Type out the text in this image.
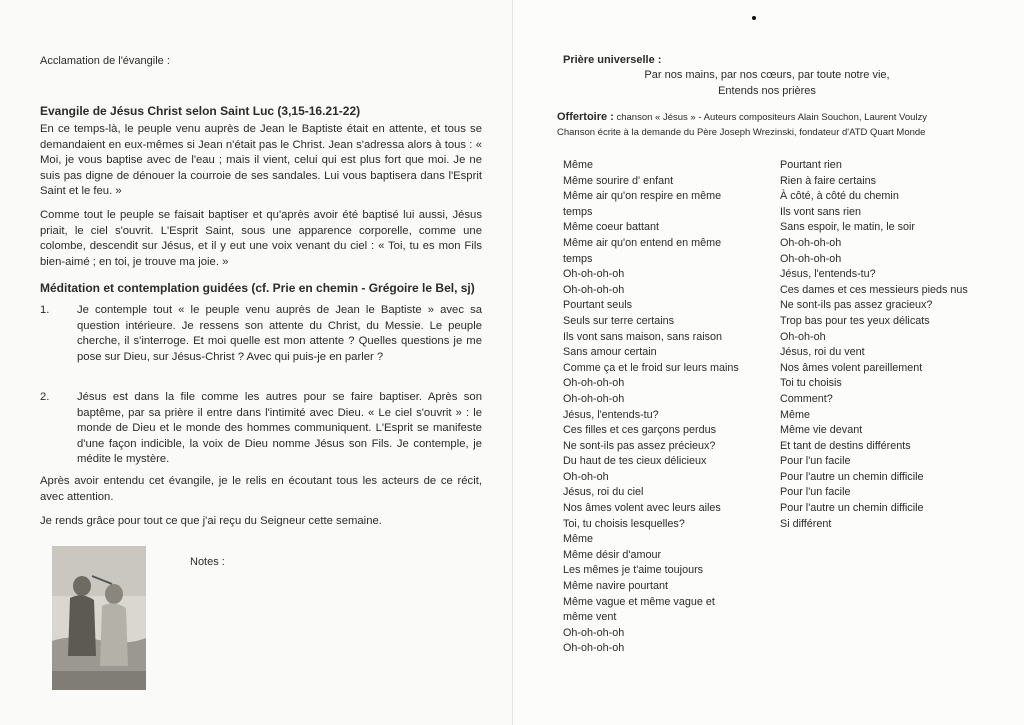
Acclamation de l'évangile :

Evangile de Jésus Christ selon Saint Luc (3,15-16.21-22)

En ce temps-là, le peuple venu auprès de Jean le Baptiste était en attente, et tous se demandaient en eux-mêmes si Jean n'était pas le Christ. Jean s'adressa alors à tous : « Moi, je vous baptise avec de l'eau ; mais il vient, celui qui est plus fort que moi. Je ne suis pas digne de dénouer la courroie de ses sandales. Lui vous baptisera dans l'Esprit Saint et le feu. »

Comme tout le peuple se faisait baptiser et qu'après avoir été baptisé lui aussi, Jésus priait, le ciel s'ouvrit. L'Esprit Saint, sous une apparence corporelle, comme une colombe, descendit sur Jésus, et il y eut une voix venant du ciel : « Toi, tu es mon Fils bien-aimé ; en toi, je trouve ma joie. »

Méditation et contemplation guidées (cf. Prie en chemin - Grégoire le Bel, sj)

1. Je contemple tout « le peuple venu auprès de Jean le Baptiste » avec sa question intérieure. Je ressens son attente du Christ, du Messie. Le peuple cherche, il s'interroge. Et moi quelle est mon attente ? Quelles questions je me pose sur Dieu, sur Jésus-Christ ? Avec qui puis-je en parler ?
2. Jésus est dans la file comme les autres pour se faire baptiser. Après son baptême, par sa prière il entre dans l'intimité avec Dieu. « Le ciel s'ouvrit » : le monde de Dieu et le monde des hommes communiquent. L'Esprit se manifeste d'une façon indicible, la voix de Dieu nomme Jésus son Fils. Je contemple, je médite le mystère.

Après avoir entendu cet évangile, je le relis en écoutant tous les acteurs de ce récit, avec attention.

Je rends grâce pour tout ce que j'ai reçu du Seigneur cette semaine.

Notes :

Prière universelle :

Par nos mains, par nos cœurs, par toute notre vie,
Entends nos prières
Offertoire : chanson « Jésus » - Auteurs compositeurs Alain Souchon, Laurent Voulzy
Chanson écrite à la demande du Père Joseph Wrezinski, fondateur d'ATD Quart Monde
Même
Même sourire d' enfant
Même air qu'on respire en même
temps
Même coeur battant
Même air qu'on entend en même
temps
Oh-oh-oh-oh
Oh-oh-oh-oh
Pourtant seuls
Seuls sur terre certains
Ils vont sans maison, sans raison
Sans amour certain
Comme ça et le froid sur leurs mains
Oh-oh-oh-oh
Oh-oh-oh-oh
Jésus, l'entends-tu?
Ces filles et ces garçons perdus
Ne sont-ils pas assez précieux?
Du haut de tes cieux délicieux
Oh-oh-oh
Jésus, roi du ciel
Nos âmes volent avec leurs ailes
Toi, tu choisis lesquelles?
Même
Même désir d'amour
Les mêmes je t'aime toujours
Même navire pourtant
Même vague et même vague et
même vent
Oh-oh-oh-oh
Oh-oh-oh-oh
Pourtant rien
Rien à faire certains
À côté, à côté du chemin
Ils vont sans rien
Sans espoir, le matin, le soir
Oh-oh-oh-oh
Oh-oh-oh-oh
Jésus, l'entends-tu?
Ces dames et ces messieurs pieds nus
Ne sont-ils pas assez gracieux?
Trop bas pour tes yeux délicats
Oh-oh-oh
Jésus, roi du vent
Nos âmes volent pareillement
Toi tu choisis
Comment?
Même
Même vie devant
Et tant de destins différents
Pour l'un facile
Pour l'autre un chemin difficile
Pour l'un facile
Pour l'autre un chemin difficile
Si différent
